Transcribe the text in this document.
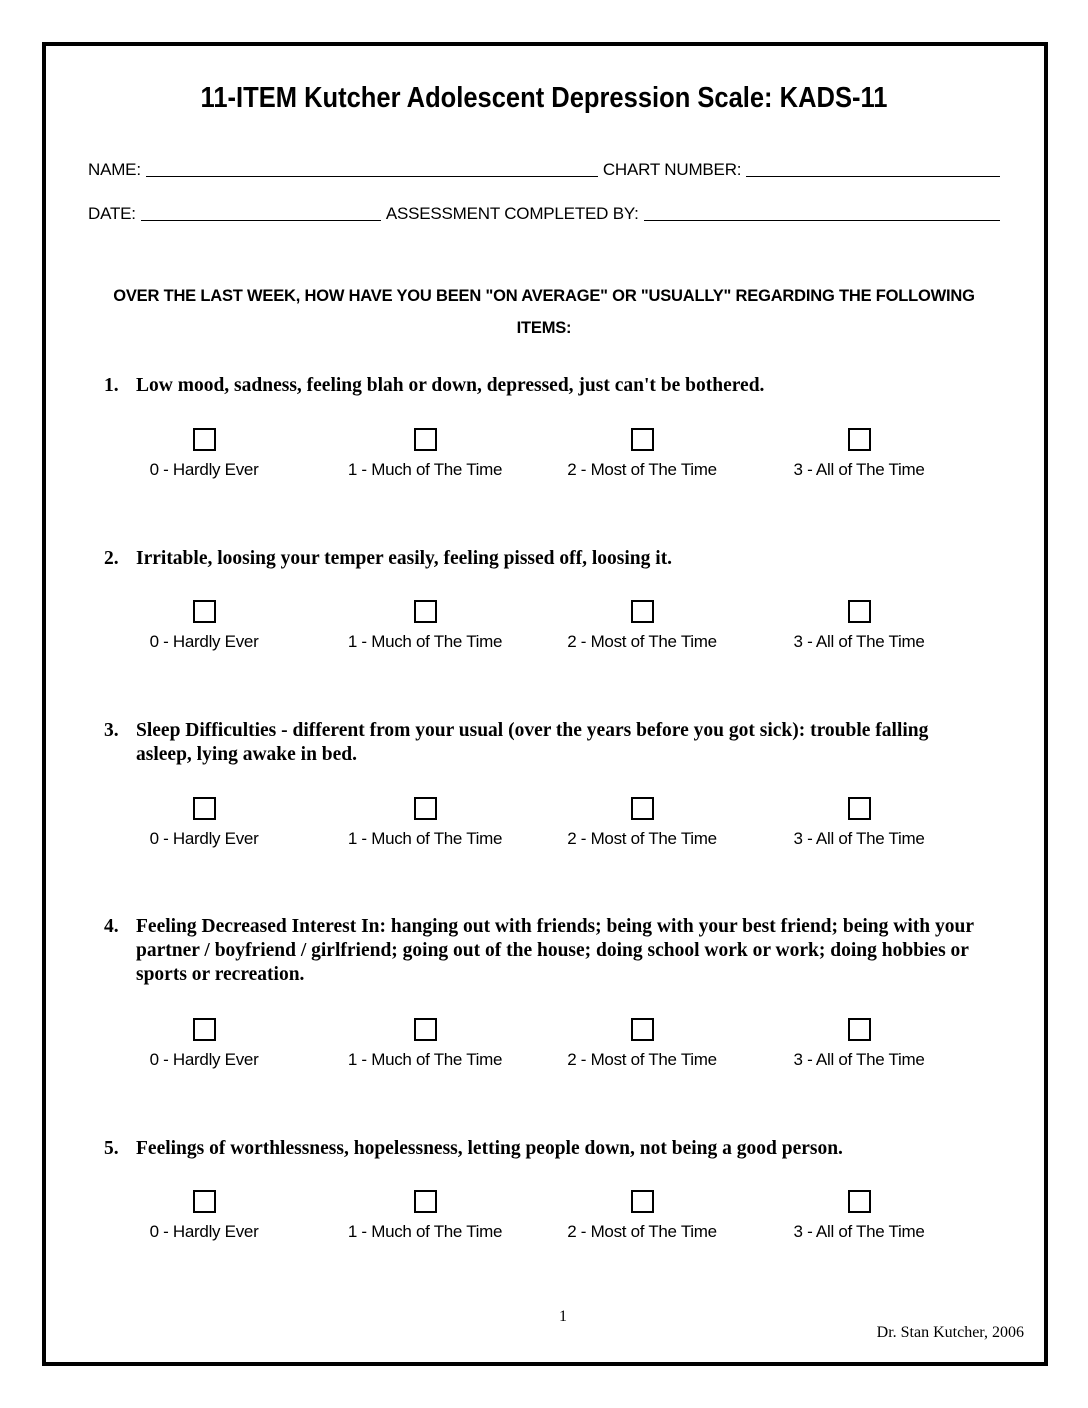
11-ITEM Kutcher Adolescent Depression Scale: KADS-11
NAME:	CHART NUMBER:
DATE:	ASSESSMENT COMPLETED BY:
OVER THE LAST WEEK, HOW HAVE YOU BEEN "ON AVERAGE" OR "USUALLY" REGARDING THE FOLLOWING
ITEMS:
1. Low mood, sadness, feeling blah or down, depressed, just can't be bothered.
0 - Hardly Ever	1 - Much of The Time	2 - Most of The Time	3 - All of The Time
2. Irritable, loosing your temper easily, feeling pissed off, loosing it.
0 - Hardly Ever	1 - Much of The Time	2 - Most of The Time	3 - All of The Time
3. Sleep Difficulties - different from your usual (over the years before you got sick): trouble falling asleep, lying awake in bed.
0 - Hardly Ever	1 - Much of The Time	2 - Most of The Time	3 - All of The Time
4. Feeling Decreased Interest In: hanging out with friends; being with your best friend; being with your partner / boyfriend / girlfriend; going out of the house; doing school work or work; doing hobbies or sports or recreation.
0 - Hardly Ever	1 - Much of The Time	2 - Most of The Time	3 - All of The Time
5. Feelings of worthlessness, hopelessness, letting people down, not being a good person.
0 - Hardly Ever	1 - Much of The Time	2 - Most of The Time	3 - All of The Time
1
Dr. Stan Kutcher, 2006
